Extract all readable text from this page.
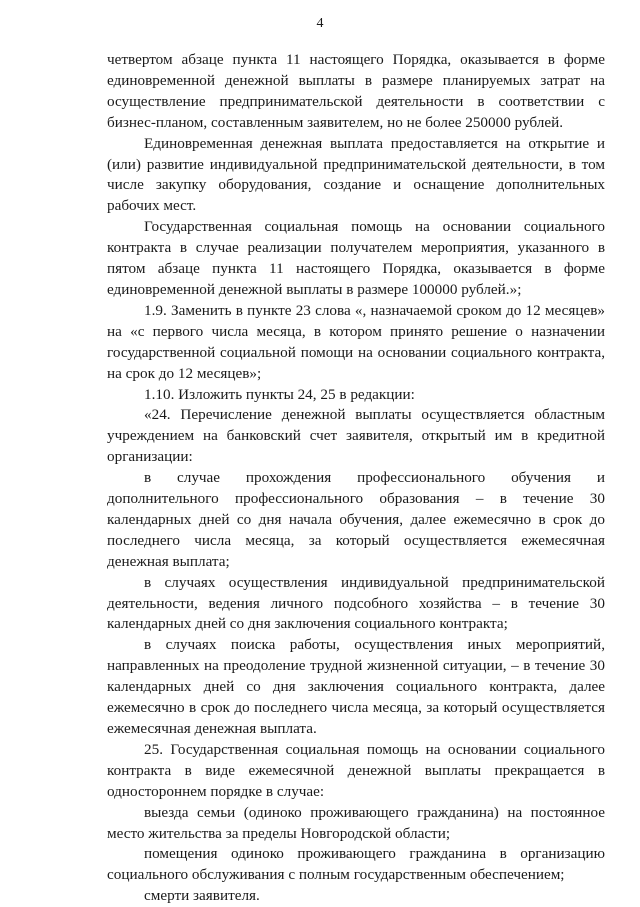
4

четвертом абзаце пункта 11 настоящего Порядка, оказывается в форме единовременной денежной выплаты в размере планируемых затрат на осуществление предпринимательской деятельности в соответствии с бизнес-планом, составленным заявителем, но не более 250000 рублей.

Единовременная денежная выплата предоставляется на открытие и (или) развитие индивидуальной предпринимательской деятельности, в том числе закупку оборудования, создание и оснащение дополнительных рабочих мест.

Государственная социальная помощь на основании социального контракта в случае реализации получателем мероприятия, указанного в пятом абзаце пункта 11 настоящего Порядка, оказывается в форме единовременной денежной выплаты в размере 100000 рублей.»;

1.9. Заменить в пункте 23 слова «, назначаемой сроком до 12 месяцев» на «с первого числа месяца, в котором принято решение о назначении государственной социальной помощи на основании социального контракта, на срок до 12 месяцев»;

1.10. Изложить пункты 24, 25 в редакции:

«24. Перечисление денежной выплаты осуществляется областным учреждением на банковский счет заявителя, открытый им в кредитной организации:

в случае прохождения профессионального обучения и дополнительного профессионального образования – в течение 30 календарных дней со дня начала обучения, далее ежемесячно в срок до последнего числа месяца, за который осуществляется ежемесячная денежная выплата;

в случаях осуществления индивидуальной предпринимательской деятельности, ведения личного подсобного хозяйства – в течение 30 календарных дней со дня заключения социального контракта;

в случаях поиска работы, осуществления иных мероприятий, направленных на преодоление трудной жизненной ситуации, – в течение 30 календарных дней со дня заключения социального контракта, далее ежемесячно в срок до последнего числа месяца, за который осуществляется ежемесячная денежная выплата.

25. Государственная социальная помощь на основании социального контракта в виде ежемесячной денежной выплаты прекращается в одностороннем порядке в случае:

выезда семьи (одиноко проживающего гражданина) на постоянное место жительства за пределы Новгородской области;

помещения одиноко проживающего гражданина в организацию социального обслуживания с полным государственным обеспечением;

смерти заявителя.
